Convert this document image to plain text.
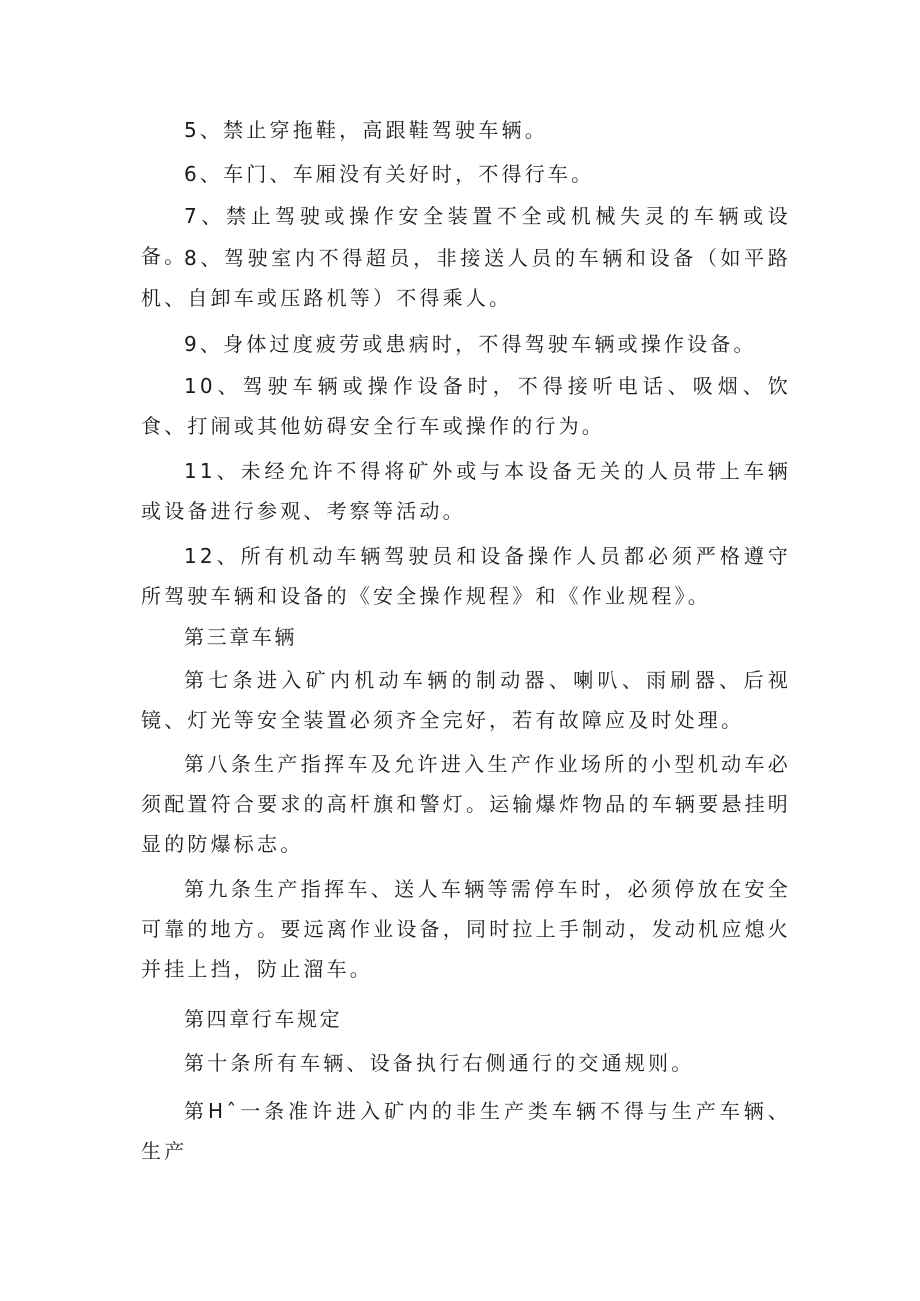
5、禁止穿拖鞋，高跟鞋驾驶车辆。

6、车门、车厢没有关好时，不得行车。

7、禁止驾驶或操作安全装置不全或机械失灵的车辆或设备。

8、驾驶室内不得超员，非接送人员的车辆和设备（如平路机、自卸车或压路机等）不得乘人。

9、身体过度疲劳或患病时，不得驾驶车辆或操作设备。

10、驾驶车辆或操作设备时，不得接听电话、吸烟、饮食、打闹或其他妨碍安全行车或操作的行为。

11、未经允许不得将矿外或与本设备无关的人员带上车辆或设备进行参观、考察等活动。

12、所有机动车辆驾驶员和设备操作人员都必须严格遵守所驾驶车辆和设备的《安全操作规程》和《作业规程》。

第三章车辆

第七条进入矿内机动车辆的制动器、喇叭、雨刷器、后视镜、灯光等安全装置必须齐全完好，若有故障应及时处理。

第八条生产指挥车及允许进入生产作业场所的小型机动车必须配置符合要求的高杆旗和警灯。运输爆炸物品的车辆要悬挂明显的防爆标志。

第九条生产指挥车、送人车辆等需停车时，必须停放在安全可靠的地方。要远离作业设备，同时拉上手制动，发动机应熄火并挂上挡，防止溜车。

第四章行车规定

第十条所有车辆、设备执行右侧通行的交通规则。

第Hˆ一条准许进入矿内的非生产类车辆不得与生产车辆、生产
